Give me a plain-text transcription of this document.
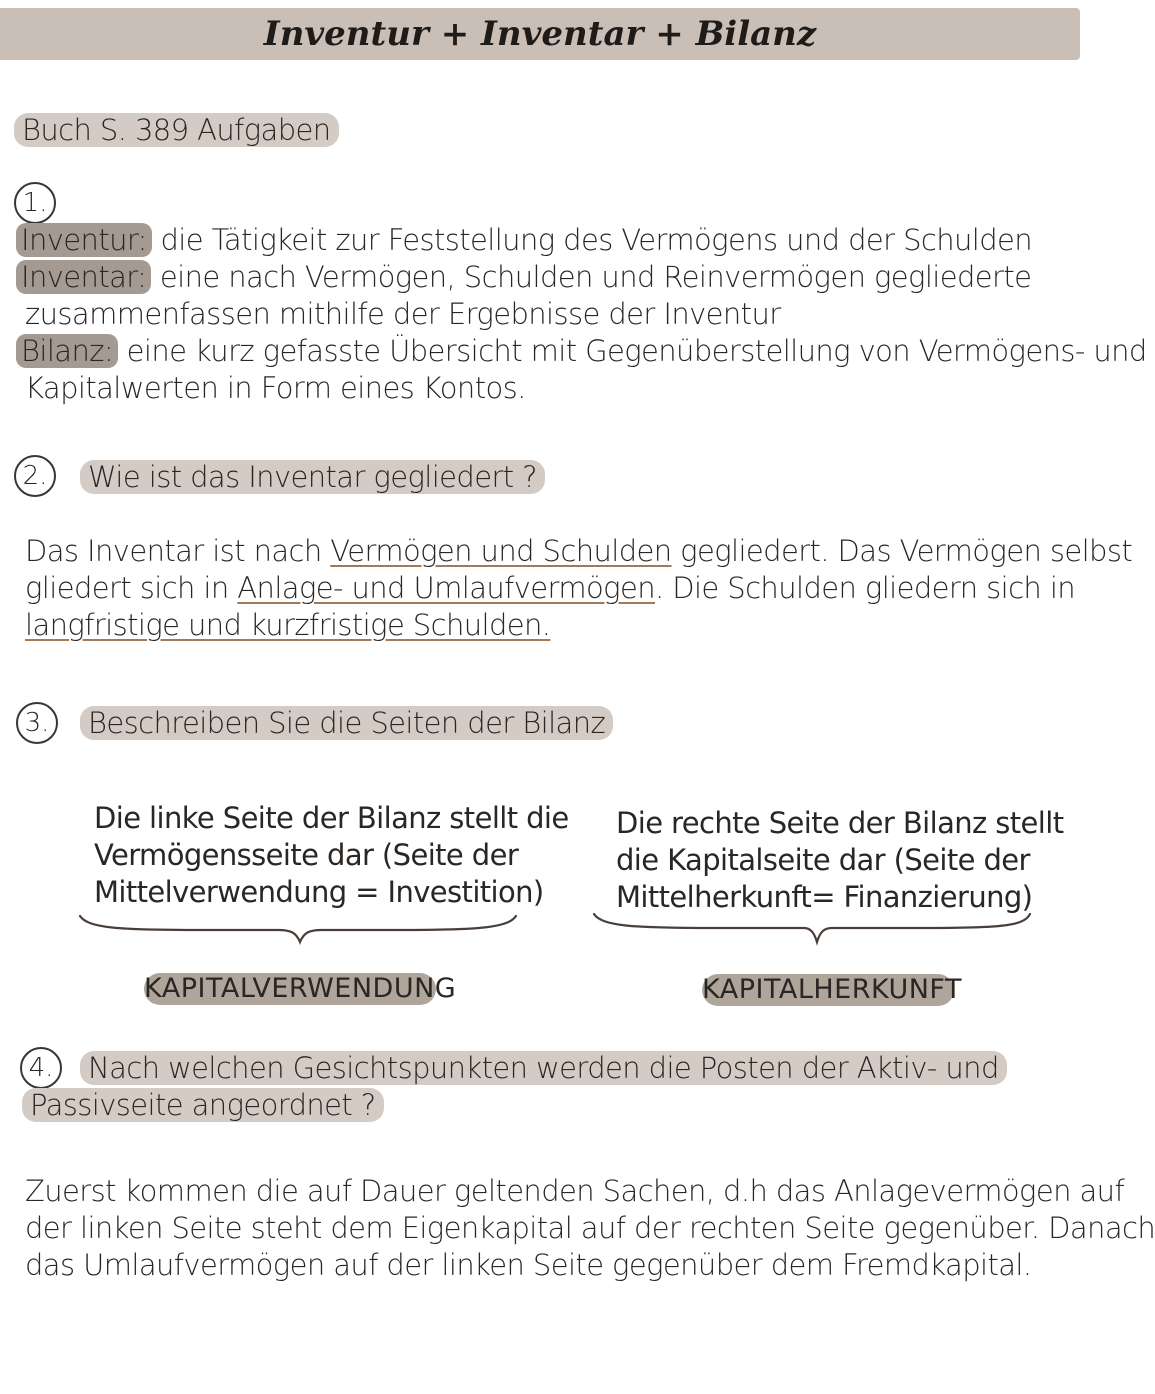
Inventur + Inventar + Bilanz
Buch S. 389 Aufgaben
1.
Inventur: die Tätigkeit zur Feststellung des Vermögens und der Schulden
Inventar: eine nach Vermögen, Schulden und Reinvermögen gegliederte
zusammenfassen mithilfe der Ergebnisse der Inventur
Bilanz: eine kurz gefasste Übersicht mit Gegenüberstellung von Vermögens- und
Kapitalwerten in Form eines Kontos.
2. Wie ist das Inventar gegliedert ?
Das Inventar ist nach Vermögen und Schulden gegliedert. Das Vermögen selbst
gliedert sich in Anlage- und Umlaufvermögen. Die Schulden gliedern sich in
langfristige und kurzfristige Schulden.
3. Beschreiben Sie die Seiten der Bilanz
Die linke Seite der Bilanz stellt die
Vermögensseite dar (Seite der
Mittelverwendung = Investition)
KAPITALVERWENDUNG
Die rechte Seite der Bilanz stellt
die Kapitalseite dar (Seite der
Mittelherkunft= Finanzierung)
KAPITALHERKUNFT
4. Nach welchen Gesichtspunkten werden die Posten der Aktiv- und
Passivseite angeordnet ?
Zuerst kommen die auf Dauer geltenden Sachen, d.h das Anlagevermögen auf
der linken Seite steht dem Eigenkapital auf der rechten Seite gegenüber. Danach
das Umlaufvermögen auf der linken Seite gegenüber dem Fremdkapital.
